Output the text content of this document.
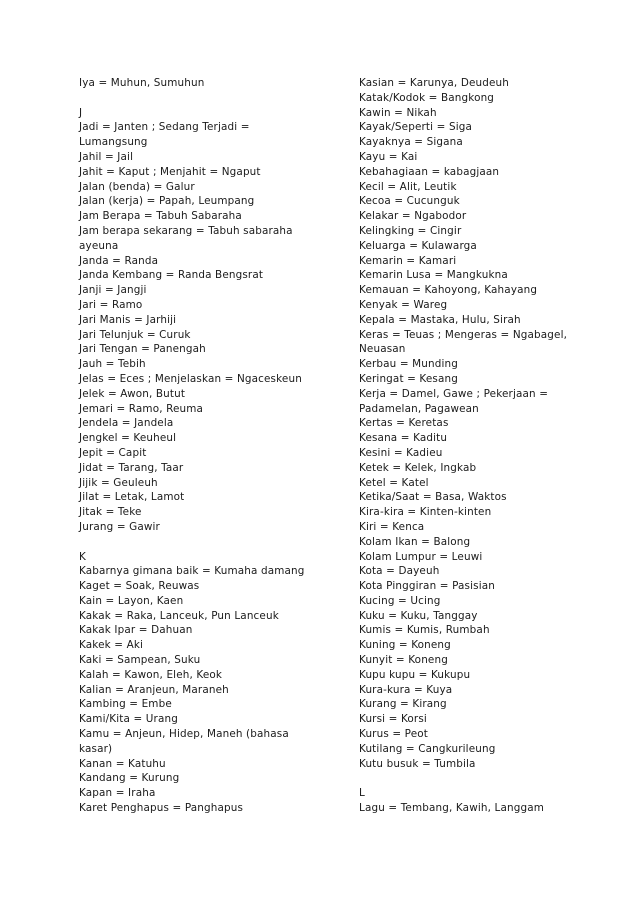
Iya = Muhun, Sumuhun
J
Jadi = Janten ; Sedang Terjadi =
Lumangsung
Jahil = Jail
Jahit = Kaput ; Menjahit = Ngaput
Jalan (benda) = Galur
Jalan (kerja) = Papah, Leumpang
Jam Berapa = Tabuh Sabaraha
Jam berapa sekarang = Tabuh sabaraha
ayeuna
Janda = Randa
Janda Kembang = Randa Bengsrat
Janji = Jangji
Jari = Ramo
Jari Manis = Jarhiji
Jari Telunjuk = Curuk
Jari Tengan = Panengah
Jauh = Tebih
Jelas = Eces ; Menjelaskan = Ngaceskeun
Jelek = Awon, Butut
Jemari = Ramo, Reuma
Jendela = Jandela
Jengkel = Keuheul
Jepit = Capit
Jidat = Tarang, Taar
Jijik = Geuleuh
Jilat = Letak, Lamot
Jitak = Teke
Jurang = Gawir
K
Kabarnya gimana baik = Kumaha damang
Kaget = Soak, Reuwas
Kain = Layon, Kaen
Kakak = Raka, Lanceuk, Pun Lanceuk
Kakak Ipar = Dahuan
Kakek = Aki
Kaki = Sampean, Suku
Kalah = Kawon, Eleh, Keok
Kalian = Aranjeun, Maraneh
Kambing = Embe
Kami/Kita = Urang
Kamu = Anjeun, Hidep, Maneh (bahasa
kasar)
Kanan = Katuhu
Kandang = Kurung
Kapan = Iraha
Karet Penghapus = Panghapus
Kasian = Karunya, Deudeuh
Katak/Kodok = Bangkong
Kawin = Nikah
Kayak/Seperti = Siga
Kayaknya = Sigana
Kayu = Kai
Kebahagiaan = kabagjaan
Kecil = Alit, Leutik
Kecoa = Cucunguk
Kelakar = Ngabodor
Kelingking = Cingir
Keluarga = Kulawarga
Kemarin = Kamari
Kemarin Lusa = Mangkukna
Kemauan = Kahoyong, Kahayang
Kenyak = Wareg
Kepala = Mastaka, Hulu, Sirah
Keras = Teuas ; Mengeras = Ngabagel,
Neuasan
Kerbau = Munding
Keringat = Kesang
Kerja = Damel, Gawe ; Pekerjaan =
Padamelan, Pagawean
Kertas = Keretas
Kesana = Kaditu
Kesini = Kadieu
Ketek = Kelek, Ingkab
Ketel = Katel
Ketika/Saat = Basa, Waktos
Kira-kira = Kinten-kinten
Kiri = Kenca
Kolam Ikan = Balong
Kolam Lumpur = Leuwi
Kota = Dayeuh
Kota Pinggiran = Pasisian
Kucing = Ucing
Kuku = Kuku, Tanggay
Kumis = Kumis, Rumbah
Kuning = Koneng
Kunyit = Koneng
Kupu kupu = Kukupu
Kura-kura = Kuya
Kurang = Kirang
Kursi = Korsi
Kurus = Peot
Kutilang = Cangkurileung
Kutu busuk = Tumbila
L
Lagu = Tembang, Kawih, Langgam
